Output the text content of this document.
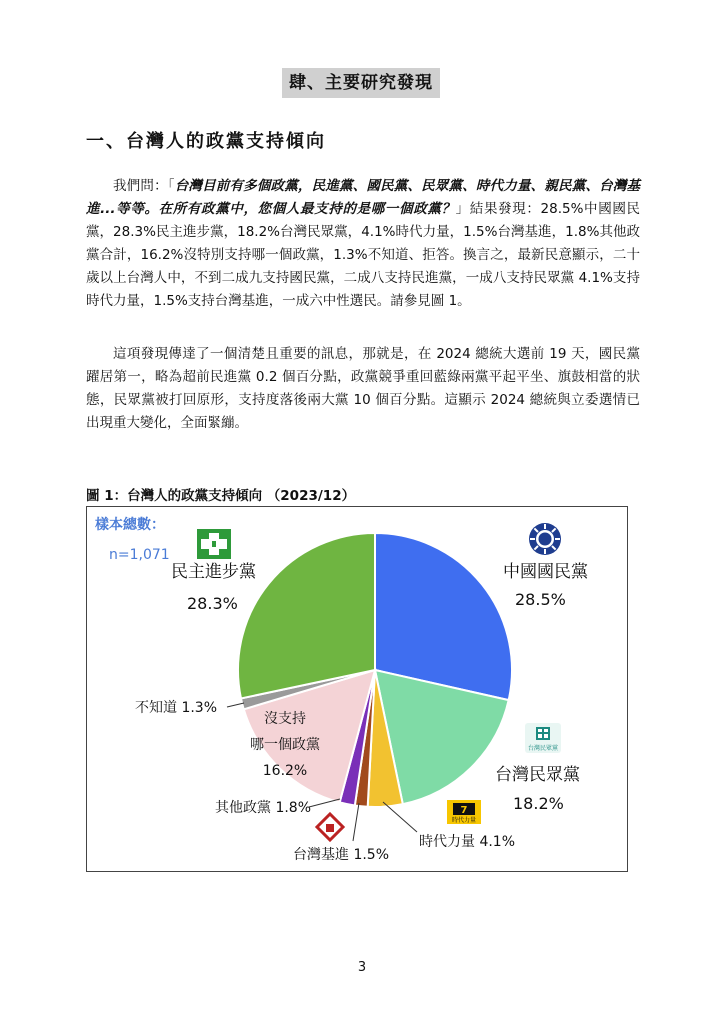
肆、主要研究發現
一、台灣人的政黨支持傾向
我們問：「台灣目前有多個政黨，民進黨、國民黨、民眾黨、時代力量、親民黨、台灣基進...等等。在所有政黨中，您個人最支持的是哪一個政黨？」結果發現：28.5%中國國民黨，28.3%民主進步黨，18.2%台灣民眾黨，4.1%時代力量，1.5%台灣基進，1.8%其他政黨合計，16.2%沒特別支持哪一個政黨，1.3%不知道、拒答。換言之，最新民意顯示，二十歲以上台灣人中，不到二成九支持國民黨，二成八支持民進黨，一成八支持民眾黨 4.1%支持時代力量，1.5%支持台灣基進，一成六中性選民。請參見圖 1。
這項發現傳達了一個清楚且重要的訊息，那就是，在 2024 總統大選前 19 天，國民黨躍居第一，略為超前民進黨 0.2 個百分點，政黨競爭重回藍綠兩黨平起平坐、旗鼓相當的狀態，民眾黨被打回原形，支持度落後兩大黨 10 個百分點。這顯示 2024 總統與立委選情已出現重大變化，全面緊繃。
圖 1：台灣人的政黨支持傾向 （2023/12）
樣本總數：
n=1,071
中國國民黨
28.5%
民主進步黨
28.3%
台灣民眾黨
台灣民眾黨
18.2%
7
時代力量
時代力量 4.1%
台灣基進 1.5%
其他政黨 1.8%
沒支持
哪一個政黨
16.2%
不知道 1.3%
3
